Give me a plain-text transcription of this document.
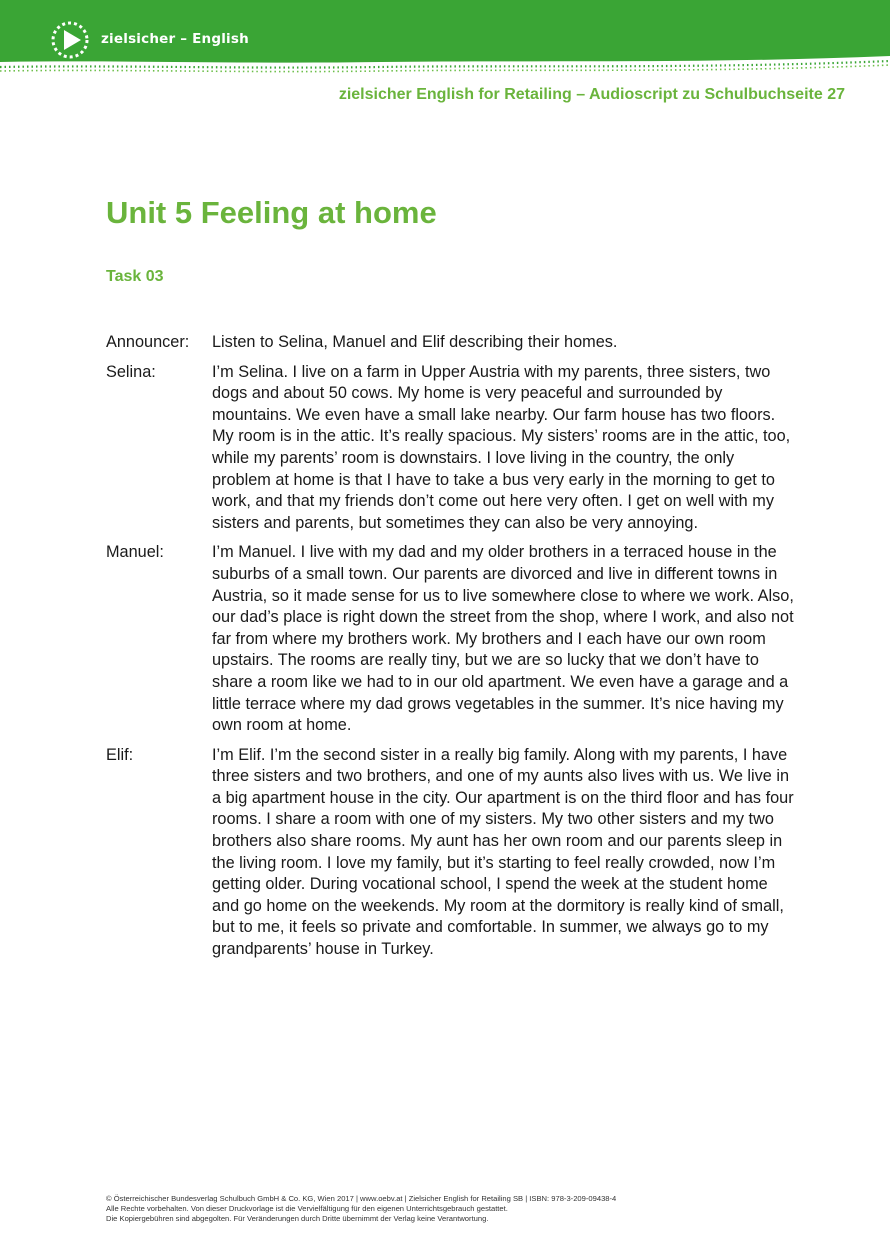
zielsicher – English
zielsicher English for Retailing – Audioscript zu Schulbuchseite 27
Unit 5 Feeling at home
Task 03
Announcer: Listen to Selina, Manuel and Elif describing their homes.
Selina:	I’m Selina. I live on a farm in Upper Austria with my parents, three sisters, two dogs and about 50 cows. My home is very peaceful and surrounded by mountains. We even have a small lake nearby. Our farm house has two floors. My room is in the attic. It’s really spacious. My sisters’ rooms are in the attic, too, while my parents’ room is downstairs. I love living in the country, the only problem at home is that I have to take a bus very early in the morning to get to work, and that my friends don’t come out here very often. I get on well with my sisters and parents, but sometimes they can also be very annoying.
Manuel:	I’m Manuel. I live with my dad and my older brothers in a terraced house in the suburbs of a small town. Our parents are divorced and live in different towns in Austria, so it made sense for us to live somewhere close to where we work. Also, our dad’s place is right down the street from the shop, where I work, and also not far from where my brothers work. My brothers and I each have our own room upstairs. The rooms are really tiny, but we are so lucky that we don’t have to share a room like we had to in our old apartment. We even have a garage and a little terrace where my dad grows vegetables in the summer. It’s nice having my own room at home.
Elif:	I’m Elif. I’m the second sister in a really big family. Along with my parents, I have three sisters and two brothers, and one of my aunts also lives with us. We live in a big apartment house in the city. Our apartment is on the third floor and has four rooms. I share a room with one of my sisters. My two other sisters and my two brothers also share rooms. My aunt has her own room and our parents sleep in the living room. I love my family, but it’s starting to feel really crowded, now I’m getting older. During vocational school, I spend the week at the student home and go home on the weekends. My room at the dormitory is really kind of small, but to me, it feels so private and comfortable. In summer, we always go to my grandparents’ house in Turkey.
© Österreichischer Bundesverlag Schulbuch GmbH & Co. KG, Wien 2017 | www.oebv.at | Zielsicher English for Retailing SB | ISBN: 978-3-209-09438-4
Alle Rechte vorbehalten. Von dieser Druckvorlage ist die Vervielfältigung für den eigenen Unterrichtsgebrauch gestattet.
Die Kopiergebühren sind abgegolten. Für Veränderungen durch Dritte übernimmt der Verlag keine Verantwortung.
